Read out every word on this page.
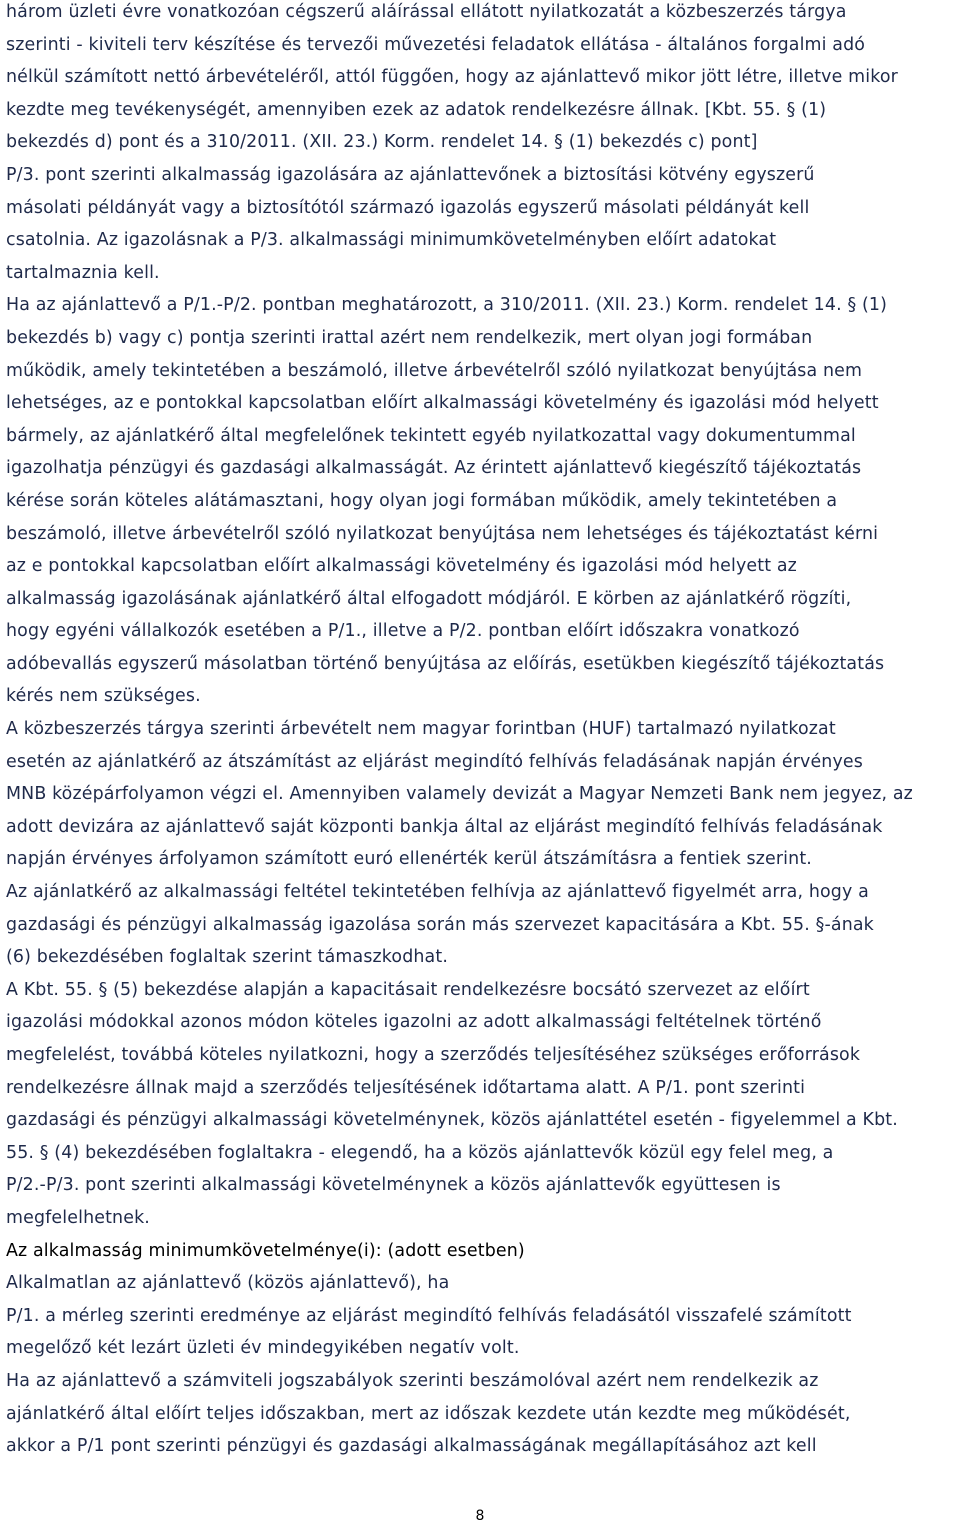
három üzleti évre vonatkozóan cégszerű aláírással ellátott nyilatkozatát a közbeszerzés tárgya
szerinti - kiviteli terv készítése és tervezői művezetési feladatok ellátása - általános forgalmi adó
nélkül számított nettó árbevételéről, attól függően, hogy az ajánlattevő mikor jött létre, illetve mikor
kezdte meg tevékenységét, amennyiben ezek az adatok rendelkezésre állnak. [Kbt. 55. § (1)
bekezdés d) pont és a 310/2011. (XII. 23.) Korm. rendelet 14. § (1) bekezdés c) pont]

P/3. pont szerinti alkalmasság igazolására az ajánlattevőnek a biztosítási kötvény egyszerű
másolati példányát vagy a biztosítótól származó igazolás egyszerű másolati példányát kell
csatolnia. Az igazolásnak a P/3. alkalmassági minimumkövetelményben előírt adatokat
tartalmaznia kell.

Ha az ajánlattevő a P/1.-P/2. pontban meghatározott, a 310/2011. (XII. 23.) Korm. rendelet 14. § (1)
bekezdés b) vagy c) pontja szerinti irattal azért nem rendelkezik, mert olyan jogi formában
működik, amely tekintetében a beszámoló, illetve árbevételről szóló nyilatkozat benyújtása nem
lehetséges, az e pontokkal kapcsolatban előírt alkalmassági követelmény és igazolási mód helyett
bármely, az ajánlatkérő által megfelelőnek tekintett egyéb nyilatkozattal vagy dokumentummal
igazolhatja pénzügyi és gazdasági alkalmasságát. Az érintett ajánlattevő kiegészítő tájékoztatás
kérése során köteles alátámasztani, hogy olyan jogi formában működik, amely tekintetében a
beszámoló, illetve árbevételről szóló nyilatkozat benyújtása nem lehetséges és tájékoztatást kérni
az e pontokkal kapcsolatban előírt alkalmassági követelmény és igazolási mód helyett az
alkalmasság igazolásának ajánlatkérő által elfogadott módjáról. E körben az ajánlatkérő rögzíti,
hogy egyéni vállalkozók esetében a P/1., illetve a P/2. pontban előírt időszakra vonatkozó
adóbevallás egyszerű másolatban történő benyújtása az előírás, esetükben kiegészítő tájékoztatás
kérés nem szükséges.

A közbeszerzés tárgya szerinti árbevételt nem magyar forintban (HUF) tartalmazó nyilatkozat
esetén az ajánlatkérő az átszámítást az eljárást megindító felhívás feladásának napján érvényes
MNB középárfolyamon végzi el. Amennyiben valamely devizát a Magyar Nemzeti Bank nem jegyez, az
adott devizára az ajánlattevő saját központi bankja által az eljárást megindító felhívás feladásának
napján érvényes árfolyamon számított euró ellenérték kerül átszámításra a fentiek szerint.

Az ajánlatkérő az alkalmassági feltétel tekintetében felhívja az ajánlattevő figyelmét arra, hogy a
gazdasági és pénzügyi alkalmasság igazolása során más szervezet kapacitására a Kbt. 55. §-ának
(6) bekezdésében foglaltak szerint támaszkodhat.

A Kbt. 55. § (5) bekezdése alapján a kapacitásait rendelkezésre bocsátó szervezet az előírt
igazolási módokkal azonos módon köteles igazolni az adott alkalmassági feltételnek történő
megfelelést, továbbá köteles nyilatkozni, hogy a szerződés teljesítéséhez szükséges erőforrások
rendelkezésre állnak majd a szerződés teljesítésének időtartama alatt. A P/1. pont szerinti
gazdasági és pénzügyi alkalmassági követelménynek, közös ajánlattétel esetén - figyelemmel a Kbt.
55. § (4) bekezdésében foglaltakra - elegendő, ha a közös ajánlattevők közül egy felel meg, a
P/2.-P/3. pont szerinti alkalmassági követelménynek a közös ajánlattevők együttesen is
megfelelhetnek.

Az alkalmasság minimumkövetelménye(i): (adott esetben)

Alkalmatlan az ajánlattevő (közös ajánlattevő), ha

P/1. a mérleg szerinti eredménye az eljárást megindító felhívás feladásától visszafelé számított
megelőző két lezárt üzleti év mindegyikében negatív volt.

Ha az ajánlattevő a számviteli jogszabályok szerinti beszámolóval azért nem rendelkezik az
ajánlatkérő által előírt teljes időszakban, mert az időszak kezdete után kezdte meg működését,
akkor a P/1 pont szerinti pénzügyi és gazdasági alkalmasságának megállapításához azt kell

8
